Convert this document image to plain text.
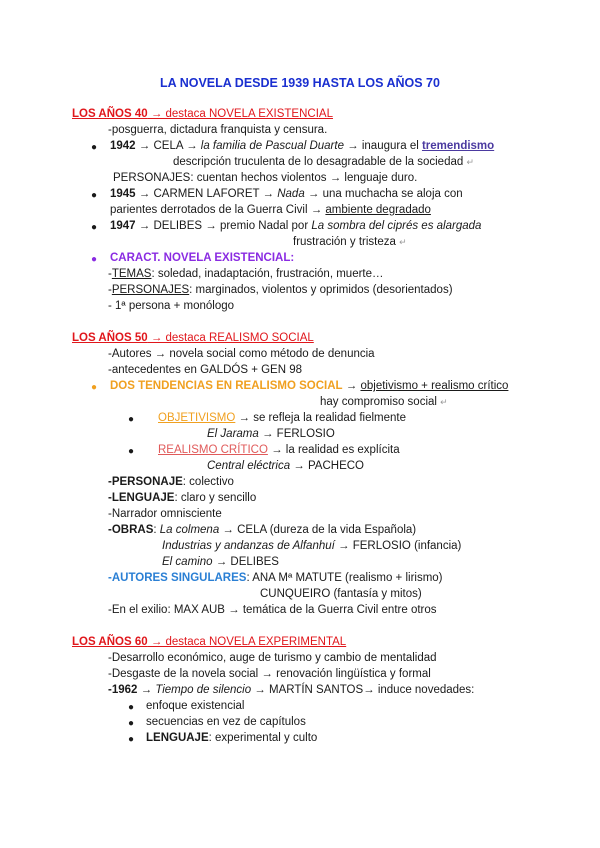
LA NOVELA DESDE 1939 HASTA LOS AÑOS 70
LOS AÑOS 40 → destaca NOVELA EXISTENCIAL
-posguerra, dictadura franquista y censura.
● 1942 → CELA → la familia de Pascual Duarte → inaugura el tremendismo
descripción truculenta de lo desagradable de la sociedad ↵
PERSONAJES: cuentan hechos violentos → lenguaje duro.
● 1945 → CARMEN LAFORET → Nada → una muchacha se aloja con
parientes derrotados de la Guerra Civil → ambiente degradado
● 1947 → DELIBES → premio Nadal por La sombra del ciprés es alargada
frustración y tristeza ↵
● CARACT. NOVELA EXISTENCIAL:
-TEMAS: soledad, inadaptación, frustración, muerte…
-PERSONAJES: marginados, violentos y oprimidos (desorientados)
- 1ª persona + monólogo
LOS AÑOS 50 → destaca REALISMO SOCIAL
-Autores → novela social como método de denuncia
-antecedentes en GALDÓS + GEN 98
● DOS TENDENCIAS EN REALISMO SOCIAL → objetivismo + realismo crítico
hay compromiso social ↵
● OBJETIVISMO → se refleja la realidad fielmente
El Jarama → FERLOSIO
● REALISMO CRÍTICO → la realidad es explícita
Central eléctrica → PACHECO
-PERSONAJE: colectivo
-LENGUAJE: claro y sencillo
-Narrador omnisciente
-OBRAS: La colmena → CELA (dureza de la vida Española)
Industrias y andanzas de Alfanhuí → FERLOSIO (infancia)
El camino → DELIBES
-AUTORES SINGULARES: ANA Mª MATUTE (realismo + lirismo)
CUNQUEIRO (fantasía y mitos)
-En el exilio: MAX AUB → temática de la Guerra Civil entre otros
LOS AÑOS 60 → destaca NOVELA EXPERIMENTAL
-Desarrollo económico, auge de turismo y cambio de mentalidad
-Desgaste de la novela social → renovación lingüística y formal
-1962 → Tiempo de silencio → MARTÍN SANTOS→ induce novedades:
● enfoque existencial
● secuencias en vez de capítulos
● LENGUAJE: experimental y culto
